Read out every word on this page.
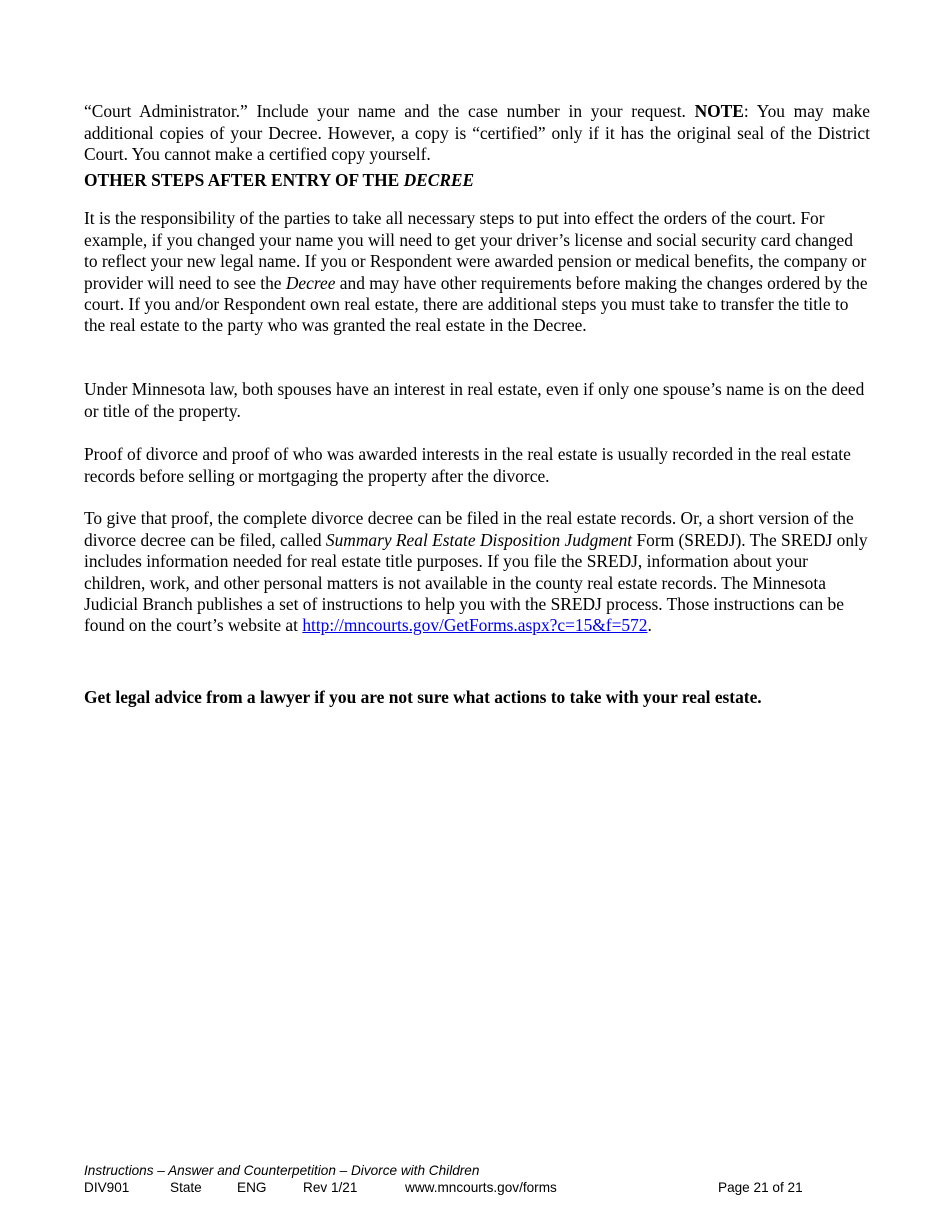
“Court Administrator.” Include your name and the case number in your request. NOTE: You may make additional copies of your Decree. However, a copy is “certified” only if it has the original seal of the District Court. You cannot make a certified copy yourself.

OTHER STEPS AFTER ENTRY OF THE DECREE

It is the responsibility of the parties to take all necessary steps to put into effect the orders of the court. For example, if you changed your name you will need to get your driver’s license and social security card changed to reflect your new legal name. If you or Respondent were awarded pension or medical benefits, the company or provider will need to see the Decree and may have other requirements before making the changes ordered by the court. If you and/or Respondent own real estate, there are additional steps you must take to transfer the title to the real estate to the party who was granted the real estate in the Decree.

Under Minnesota law, both spouses have an interest in real estate, even if only one spouse’s name is on the deed or title of the property.

Proof of divorce and proof of who was awarded interests in the real estate is usually recorded in the real estate records before selling or mortgaging the property after the divorce.

To give that proof, the complete divorce decree can be filed in the real estate records. Or, a short version of the divorce decree can be filed, called Summary Real Estate Disposition Judgment Form (SREDJ). The SREDJ only includes information needed for real estate title purposes. If you file the SREDJ, information about your children, work, and other personal matters is not available in the county real estate records. The Minnesota Judicial Branch publishes a set of instructions to help you with the SREDJ process. Those instructions can be found on the court’s website at http://mncourts.gov/GetForms.aspx?c=15&f=572.

Get legal advice from a lawyer if you are not sure what actions to take with your real estate.

Instructions – Answer and Counterpetition – Divorce with Children
DIV901	State	ENG	Rev 1/21	www.mncourts.gov/forms	Page 21 of 21
